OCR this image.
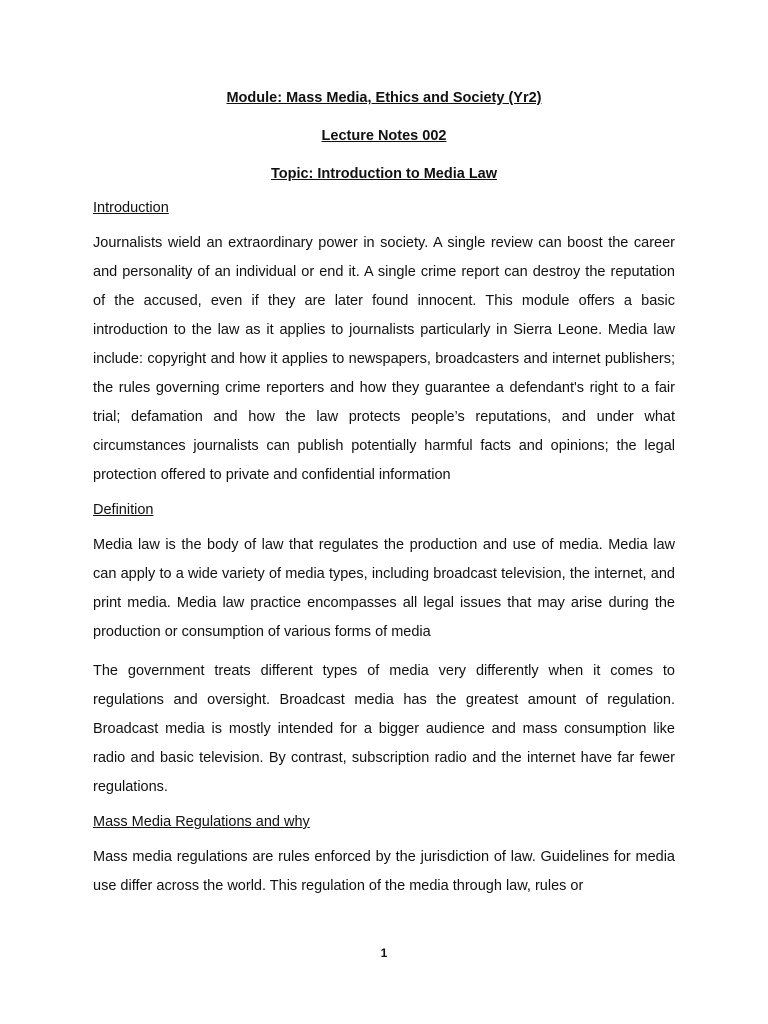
Module: Mass Media, Ethics and Society (Yr2)

Lecture Notes 002

Topic: Introduction to Media Law

Introduction

Journalists wield an extraordinary power in society. A single review can boost the career and personality of an individual or end it. A single crime report can destroy the reputation of the accused, even if they are later found innocent. This module offers a basic introduction to the law as it applies to journalists particularly in Sierra Leone. Media law include: copyright and how it applies to newspapers, broadcasters and internet publishers; the rules governing crime reporters and how they guarantee a defendant's right to a fair trial; defamation and how the law protects people’s reputations, and under what circumstances journalists can publish potentially harmful facts and opinions; the legal protection offered to private and confidential information

Definition

Media law is the body of law that regulates the production and use of media. Media law can apply to a wide variety of media types, including broadcast television, the internet, and print media. Media law practice encompasses all legal issues that may arise during the production or consumption of various forms of media

The government treats different types of media very differently when it comes to regulations and oversight. Broadcast media has the greatest amount of regulation. Broadcast media is mostly intended for a bigger audience and mass consumption like radio and basic television. By contrast, subscription radio and the internet have far fewer regulations.

Mass Media Regulations and why

Mass media regulations are rules enforced by the jurisdiction of law. Guidelines for media use differ across the world. This regulation of the media through law, rules or

1
